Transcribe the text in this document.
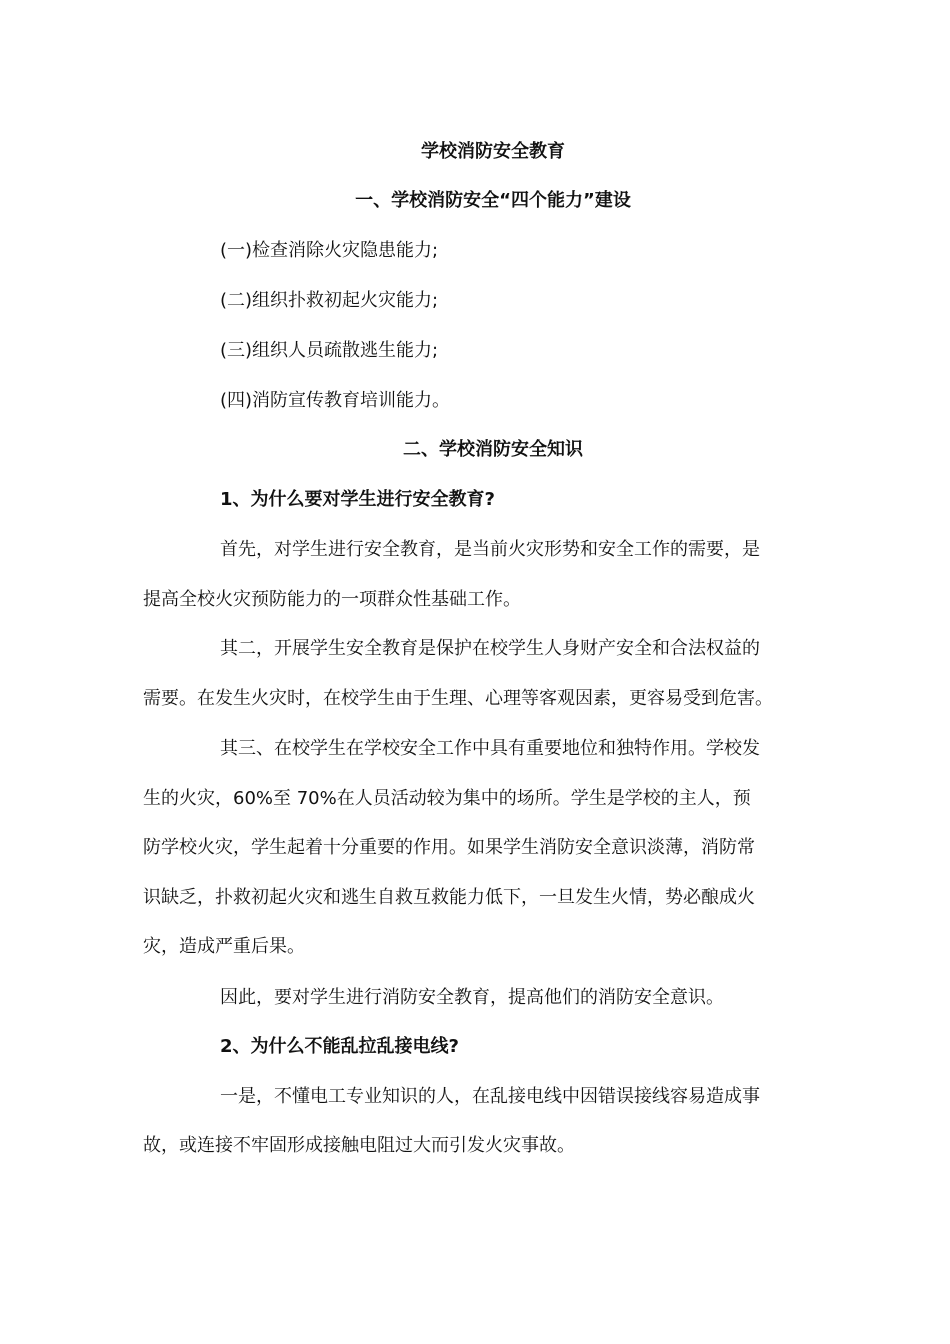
学校消防安全教育
一、学校消防安全“四个能力”建设
(一)检查消除火灾隐患能力;
(二)组织扑救初起火灾能力;
(三)组织人员疏散逃生能力;
(四)消防宣传教育培训能力。
二、学校消防安全知识
1、为什么要对学生进行安全教育?
首先，对学生进行安全教育，是当前火灾形势和安全工作的需要，是
提高全校火灾预防能力的一项群众性基础工作。
其二，开展学生安全教育是保护在校学生人身财产安全和合法权益的
需要。在发生火灾时，在校学生由于生理、心理等客观因素，更容易受到危害。
其三、在校学生在学校安全工作中具有重要地位和独特作用。学校发
生的火灾，60%至 70%在人员活动较为集中的场所。学生是学校的主人，预
防学校火灾，学生起着十分重要的作用。如果学生消防安全意识淡薄，消防常
识缺乏，扑救初起火灾和逃生自救互救能力低下，一旦发生火情，势必酿成火
灾，造成严重后果。
因此，要对学生进行消防安全教育，提高他们的消防安全意识。
2、为什么不能乱拉乱接电线?
一是，不懂电工专业知识的人，在乱接电线中因错误接线容易造成事
故，或连接不牢固形成接触电阻过大而引发火灾事故。
